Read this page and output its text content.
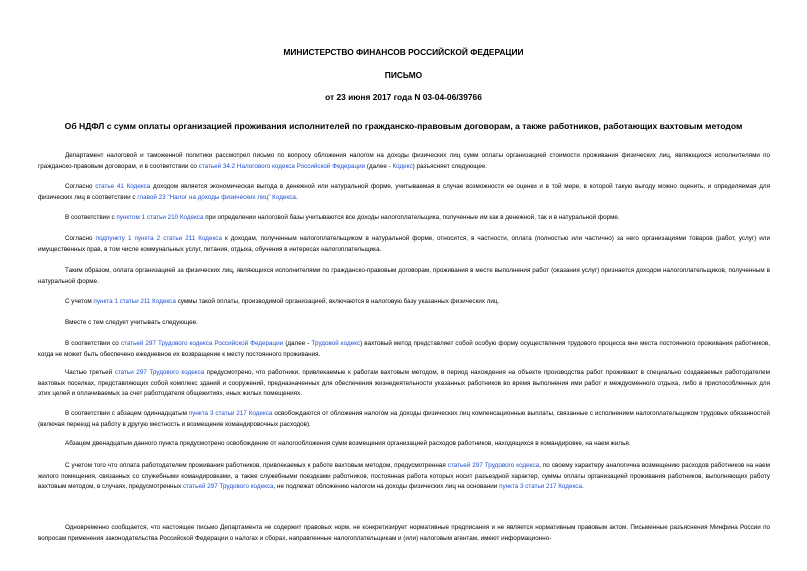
МИНИСТЕРСТВО ФИНАНСОВ РОССИЙСКОЙ ФЕДЕРАЦИИ
ПИСЬМО
от 23 июня 2017 года N 03-04-06/39766
Об НДФЛ с сумм оплаты организацией проживания исполнителей по гражданско-правовым договорам, а также работников, работающих вахтовым методом
Департамент налоговой и таможенной политики рассмотрел письмо по вопросу обложения налогом на доходы физических лиц сумм оплаты организацией стоимости проживания физических лиц, являющихся исполнителями по гражданско-правовым договорам, и в соответствии со статьей 34.2 Налогового кодекса Российской Федерации (далее - Кодекс) разъясняет следующее.
Согласно статье 41 Кодекса доходом является экономическая выгода в денежной или натуральной форме, учитываемая в случае возможности ее оценки и в той мере, в которой такую выгоду можно оценить, и определяемая для физических лиц в соответствии с главой 23 "Налог на доходы физических лиц" Кодекса.
В соответствии с пунктом 1 статьи 210 Кодекса при определении налоговой базы учитываются все доходы налогоплательщика, полученные им как в денежной, так и в натуральной форме.
Согласно подпункту 1 пункта 2 статьи 211 Кодекса к доходам, полученным налогоплательщиком в натуральной форме, относится, в частности, оплата (полностью или частично) за него организациями товаров (работ, услуг) или имущественных прав, в том числе коммунальных услуг, питания, отдыха, обучения в интересах налогоплательщика.
Таким образом, оплата организацией за физических лиц, являющихся исполнителями по гражданско-правовым договорам, проживания в месте выполнения работ (оказания услуг) признается доходом налогоплательщиков, полученным в натуральной форме.
С учетом пункта 1 статьи 211 Кодекса суммы такой оплаты, производимой организацией, включаются в налоговую базу указанных физических лиц.
Вместе с тем следует учитывать следующее.
В соответствии со статьей 297 Трудового кодекса Российской Федерации (далее - Трудовой кодекс) вахтовый метод представляет собой особую форму осуществления трудового процесса вне места постоянного проживания работников, когда не может быть обеспечено ежедневное их возвращение к месту постоянного проживания.
Частью третьей статьи 297 Трудового кодекса предусмотрено, что работники, привлекаемые к работам вахтовым методом, в период нахождения на объекте производства работ проживают в специально создаваемых работодателем вахтовых поселках, представляющих собой комплекс зданий и сооружений, предназначенных для обеспечения жизнедеятельности указанных работников во время выполнения ими работ и междусменного отдыха, либо в приспособленных для этих целей и оплачиваемых за счет работодателя общежитиях, иных жилых помещениях.
В соответствии с абзацем одиннадцатым пункта 3 статьи 217 Кодекса освобождаются от обложения налогом на доходы физических лиц компенсационные выплаты, связанные с исполнением налогоплательщиком трудовых обязанностей (включая переезд на работу в другую местность и возмещение командировочных расходов).
Абзацем двенадцатым данного пункта предусмотрено освобождение от налогообложения сумм возмещения организацией расходов работников, находящихся в командировке, на наем жилья.
С учетом того что оплата работодателем проживания работников, привлекаемых к работе вахтовым методом, предусмотренная статьей 297 Трудового кодекса, по своему характеру аналогична возмещению расходов работников на наем жилого помещения, связанных со служебными командировками, а также служебными поездками работников, постоянная работа которых носит разъездной характер, суммы оплаты организацией проживания работников, выполняющих работу вахтовым методом, в случаях, предусмотренных статьей 297 Трудового кодекса, не подлежат обложению налогом на доходы физических лиц на основании пункта 3 статьи 217 Кодекса.
Одновременно сообщается, что настоящее письмо Департамента не содержит правовых норм, не конкретизирует нормативные предписания и не является нормативным правовым актом. Письменные разъяснения Минфина России по вопросам применения законодательства Российской Федерации о налогах и сборах, направленные налогоплательщикам и (или) налоговым агентам, имеют информационно-
